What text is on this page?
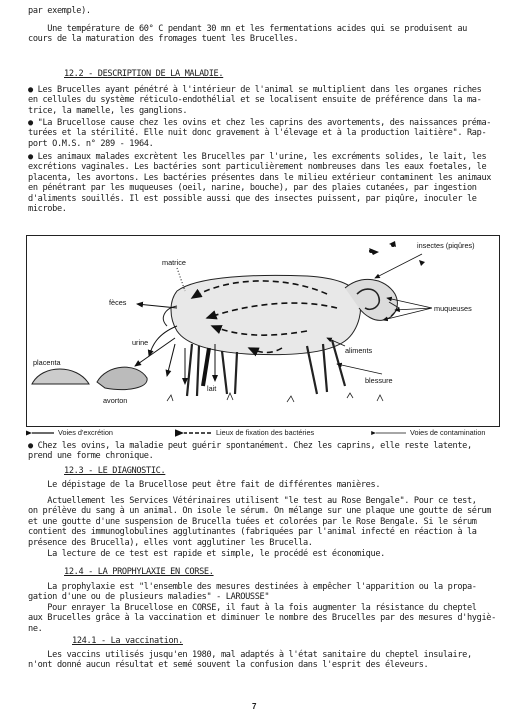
par exemple).
Une température de 60° C pendant 30 mn et les fermentations acides qui se produisent au
cours de la maturation des fromages tuent les Brucelles.
12.2 - DESCRIPTION DE LA MALADIE.
● Les Brucelles ayant pénétré à l'intérieur de l'animal se multiplient dans les organes riches
en cellules du système réticulo-endothélial et se localisent ensuite de préférence dans la ma-
trice, la mamelle, les ganglions.
● "La Brucellose cause chez les ovins et chez les caprins des avortements, des naissances préma-
turées et la stérilité. Elle nuit donc gravement à l'élevage et à la production laitière". Rap-
port O.M.S. n° 289 - 1964.
● Les animaux malades excrètent les Brucelles par l'urine, les excréments solides, le lait, les
excrétions vaginales. Les bactéries sont particulièrement nombreuses dans les eaux foetales, le
placenta, les avortons. Les bactéries présentes dans le milieu extérieur contaminent les animaux
en pénétrant par les muqueuses (oeil, narine, bouche), par des plaies cutanées, par ingestion
d'aliments souillés. Il est possible aussi que des insectes puissent, par piqûre, inoculer le
microbe.
matrice
insectes (piqûres)
fèces
muqueuses
urine
aliments
placenta
lait
blessure
avorton
Voies d'excrétion	Lieux de fixation des bactéries	Voies de contamination
● Chez les ovins, la maladie peut guérir spontanément. Chez les caprins, elle reste latente,
prend une forme chronique.
12.3 - LE DIAGNOSTIC.
Le dépistage de la Brucellose peut être fait de différentes manières.
Actuellement les Services Vétérinaires utilisent "le test au Rose Bengale". Pour ce test,
on prélève du sang à un animal. On isole le sérum. On mélange sur une plaque une goutte de sérum
et une goutte d'une suspension de Brucella tuées et colorées par le Rose Bengale. Si le sérum
contient des immunoglobulines agglutinantes (fabriquées par l'animal infecté en réaction à la
présence des Brucella), elles vont agglutiner les Brucella.
La lecture de ce test est rapide et simple, le procédé est économique.
12.4 - LA PROPHYLAXIE EN CORSE.
La prophylaxie est "l'ensemble des mesures destinées à empêcher l'apparition ou la propa-
gation d'une ou de plusieurs maladies" - LAROUSSE"
Pour enrayer la Brucellose en CORSE, il faut à la fois augmenter la résistance du cheptel
aux Brucelles grâce à la vaccination et diminuer le nombre des Brucelles par des mesures d'hygiè-
ne.
124.1 - La vaccination.
Les vaccins utilisés jusqu'en 1980, mal adaptés à l'état sanitaire du cheptel insulaire,
n'ont donné aucun résultat et semé souvent la confusion dans l'esprit des éleveurs.
7
